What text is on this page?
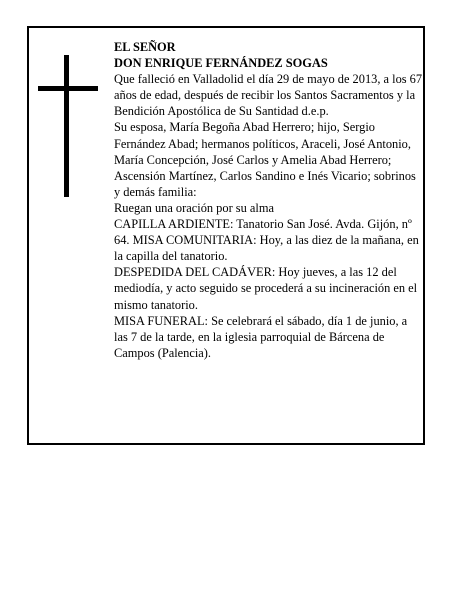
EL SEÑOR

DON ENRIQUE FERNÁNDEZ SOGAS

Que falleció en Valladolid el día 29 de mayo de 2013, a los 67 años de edad, después de recibir los Santos Sacramentos y la Bendición Apostólica de Su Santidad d.e.p.

Su esposa, María Begoña Abad Herrero; hijo, Sergio Fernández Abad; hermanos políticos, Araceli, José Antonio, María Concepción, José Carlos y Amelia Abad Herrero; Ascensión Martínez, Carlos Sandino e Inés Vicario; sobrinos y demás familia:

Ruegan una oración por su alma

CAPILLA ARDIENTE: Tanatorio San José. Avda. Gijón, nº 64. MISA COMUNITARIA: Hoy, a las diez de la mañana, en la capilla del tanatorio.

DESPEDIDA DEL CADÁVER: Hoy jueves, a las 12 del mediodía, y acto seguido se procederá a su incineración en el mismo tanatorio.

MISA FUNERAL: Se celebrará el sábado, día 1 de junio, a las 7 de la tarde, en la iglesia parroquial de Bárcena de Campos (Palencia).
